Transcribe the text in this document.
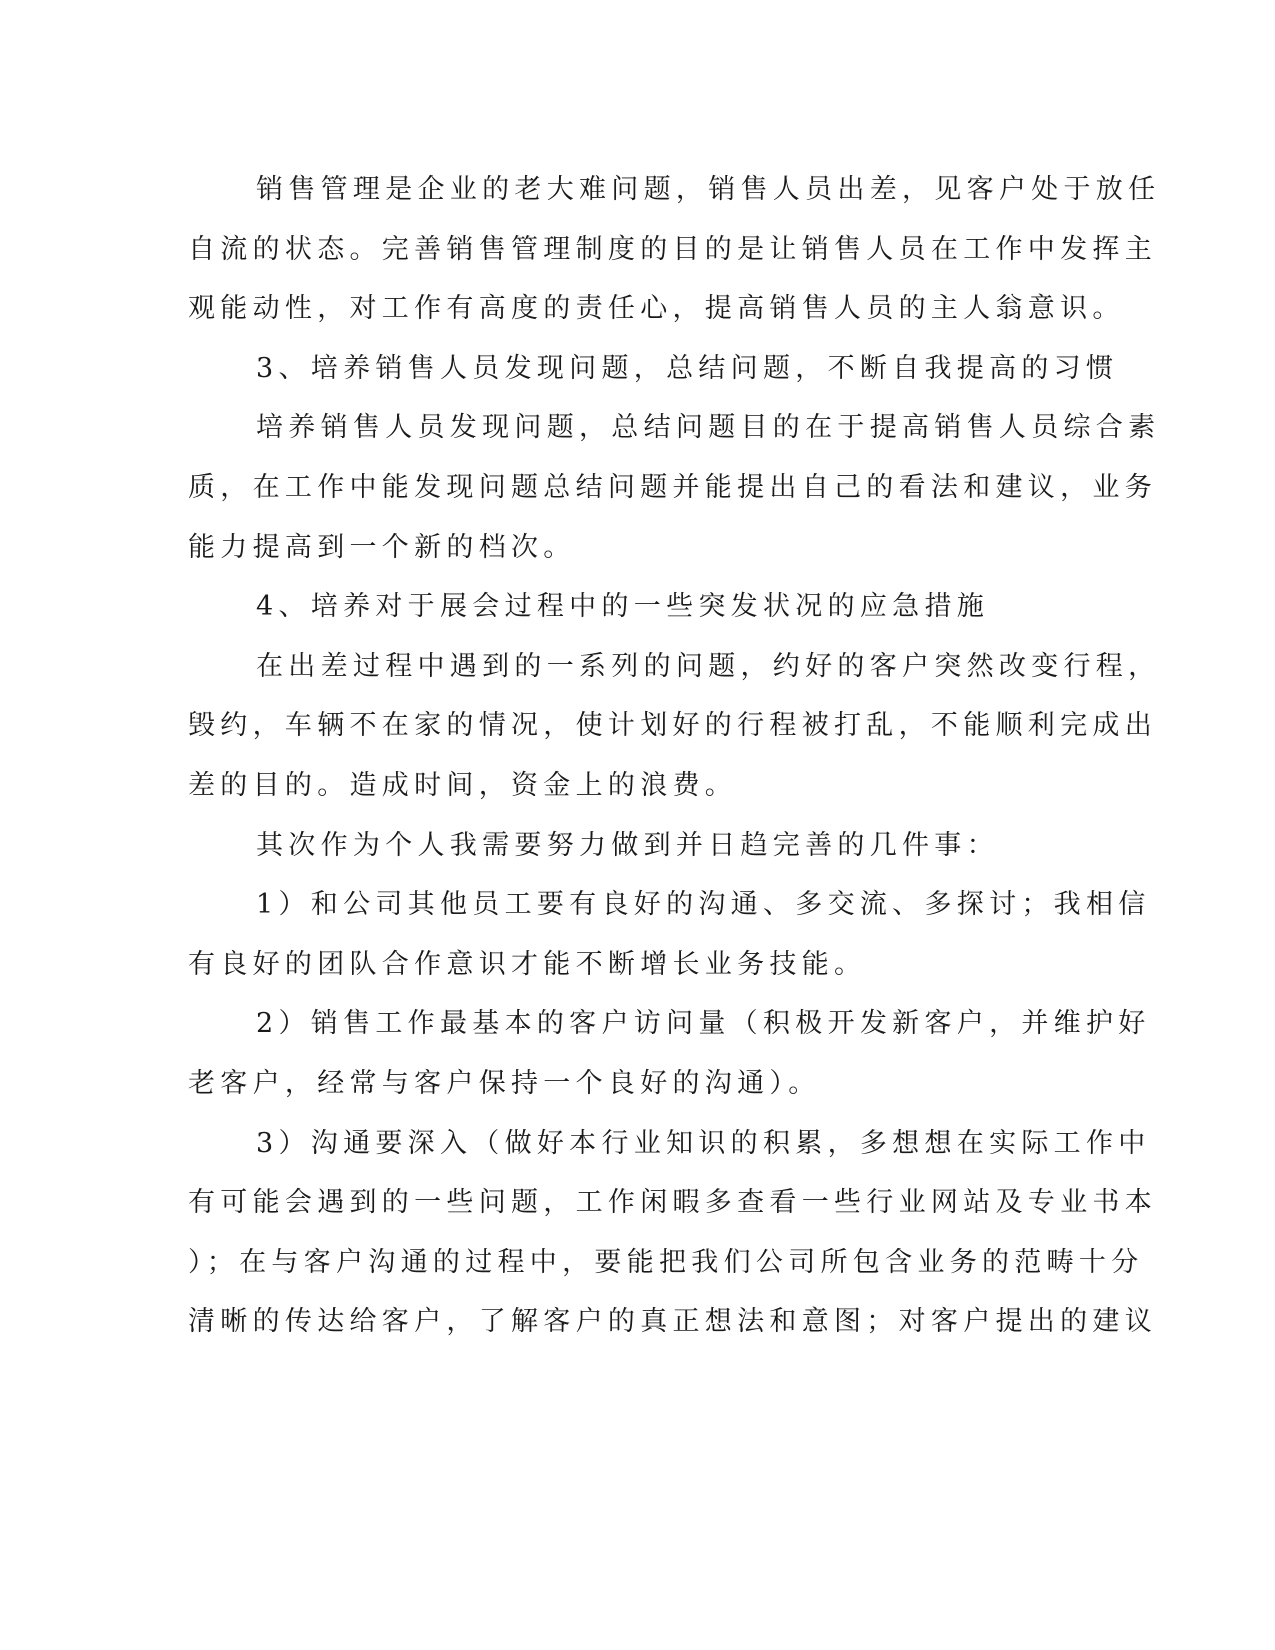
销售管理是企业的老大难问题，销售人员出差，见客户处于放任
自流的状态。完善销售管理制度的目的是让销售人员在工作中发挥主
观能动性，对工作有高度的责任心，提高销售人员的主人翁意识。
3、培养销售人员发现问题，总结问题，不断自我提高的习惯
培养销售人员发现问题，总结问题目的在于提高销售人员综合素
质，在工作中能发现问题总结问题并能提出自己的看法和建议，业务
能力提高到一个新的档次。
4、培养对于展会过程中的一些突发状况的应急措施
在出差过程中遇到的一系列的问题，约好的客户突然改变行程，
毁约，车辆不在家的情况，使计划好的行程被打乱，不能顺利完成出
差的目的。造成时间，资金上的浪费。
其次作为个人我需要努力做到并日趋完善的几件事：
1）和公司其他员工要有良好的沟通、多交流、多探讨；我相信
有良好的团队合作意识才能不断增长业务技能。
2）销售工作最基本的客户访问量（积极开发新客户，并维护好
老客户，经常与客户保持一个良好的沟通）。
3）沟通要深入（做好本行业知识的积累，多想想在实际工作中
有可能会遇到的一些问题，工作闲暇多查看一些行业网站及专业书本
）；在与客户沟通的过程中，要能把我们公司所包含业务的范畴十分
清晰的传达给客户，了解客户的真正想法和意图；对客户提出的建议
